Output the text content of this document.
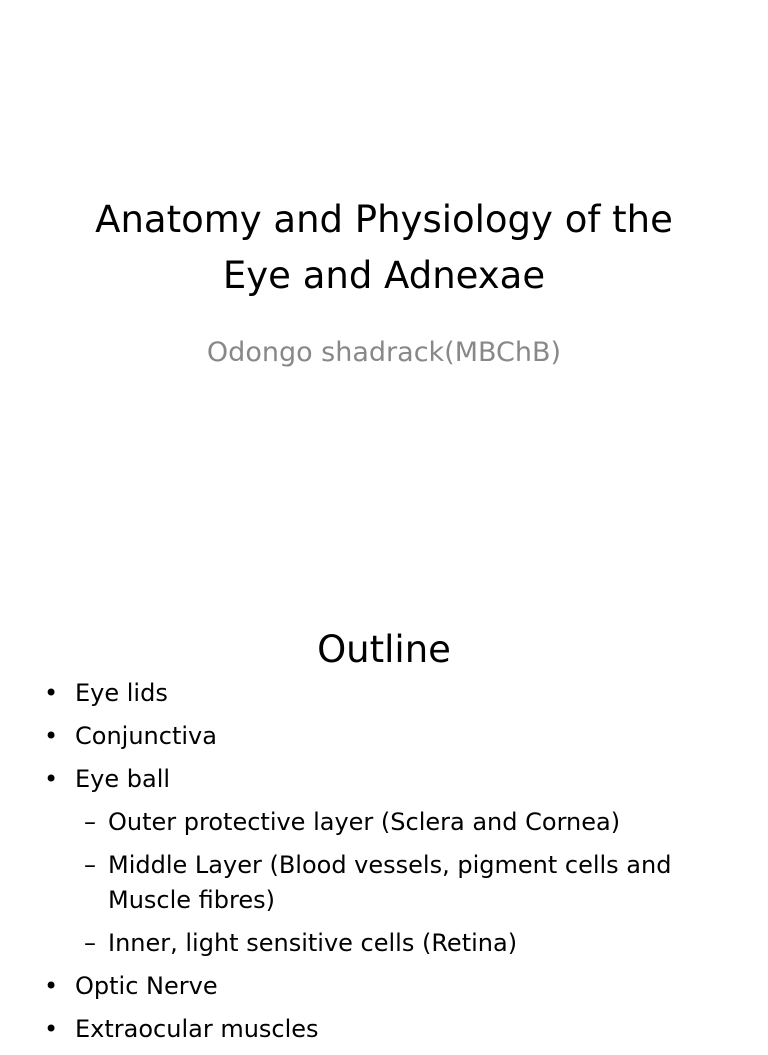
Anatomy and Physiology of the
Eye and Adnexae

Odongo shadrack(MBChB)

Outline
• Eye lids
• Conjunctiva
• Eye ball
– Outer protective layer (Sclera and Cornea)
– Middle Layer (Blood vessels, pigment cells and Muscle fibres)
– Inner, light sensitive cells (Retina)
• Optic Nerve
• Extraocular muscles
